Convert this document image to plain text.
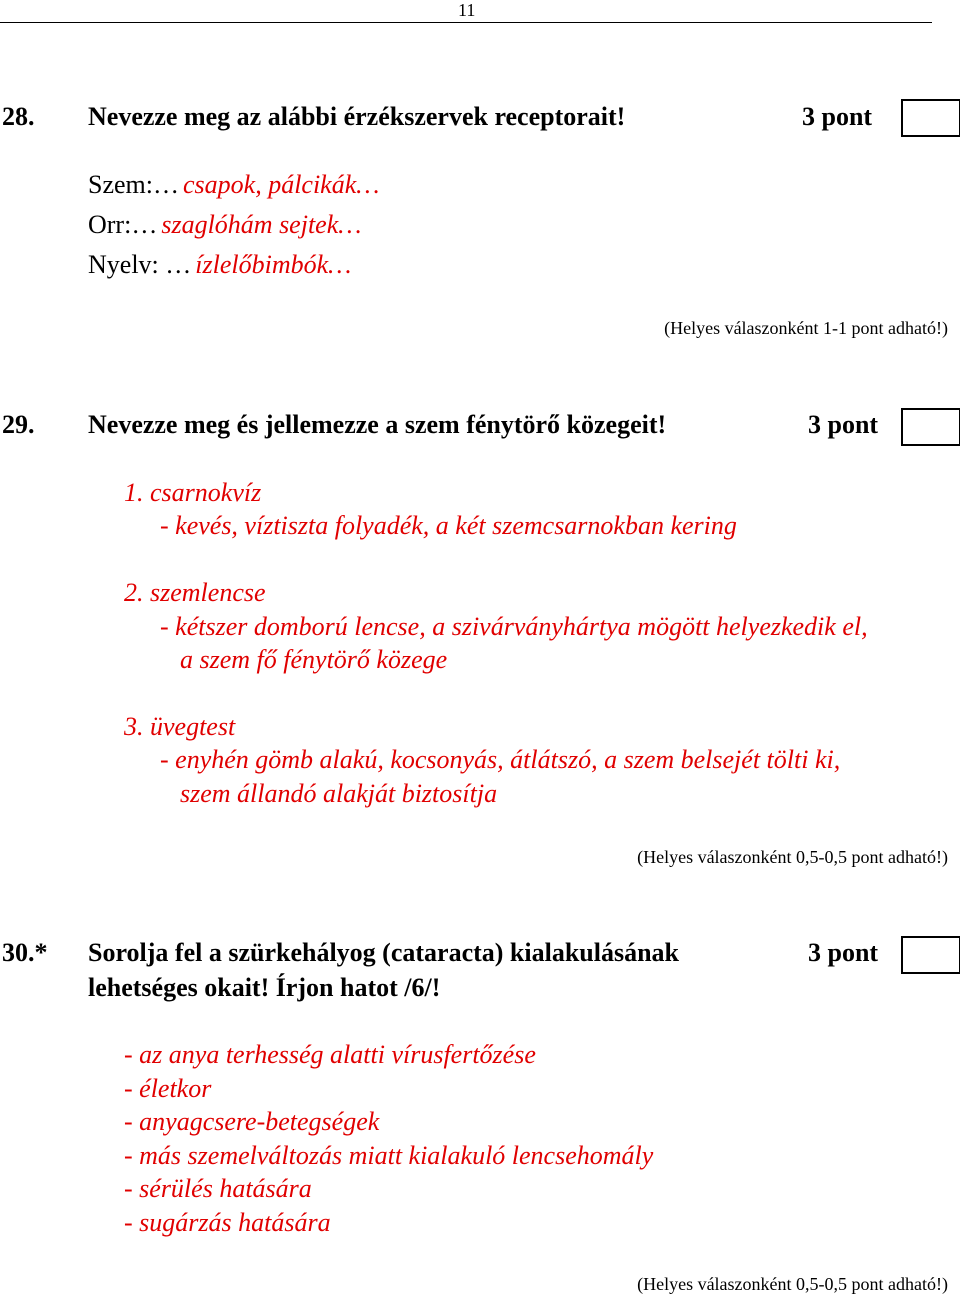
11
28. Nevezze meg az alábbi érzékszervek receptorait!	3 pont
Szem:… csapok, pálcikák…
Orr:… szaglóhám sejtek…
Nyelv: … ízlelőbimbók…
(Helyes válaszonként 1-1 pont adható!)
29. Nevezze meg és jellemezze a szem fénytörő közegeit!	3 pont
1. csarnokvíz
- kevés, víztiszta folyadék, a két szemcsarnokban kering
2. szemlencse
- kétszer domború lencse, a szivárványhártya mögött helyezkedik el,
a szem fő fénytörő közege
3. üvegtest
- enyhén gömb alakú, kocsonyás, átlátszó, a szem belsejét tölti ki,
szem állandó alakját biztosítja
(Helyes válaszonként 0,5-0,5 pont adható!)
30.* Sorolja fel a szürkehályog (cataracta) kialakulásának
lehetséges okait! Írjon hatot /6/!
3 pont
- az anya terhesség alatti vírusfertőzése
- életkor
- anyagcsere-betegségek
- más szemelváltozás miatt kialakuló lencsehomály
- sérülés hatására
- sugárzás hatására
(Helyes válaszonként 0,5-0,5 pont adható!)
